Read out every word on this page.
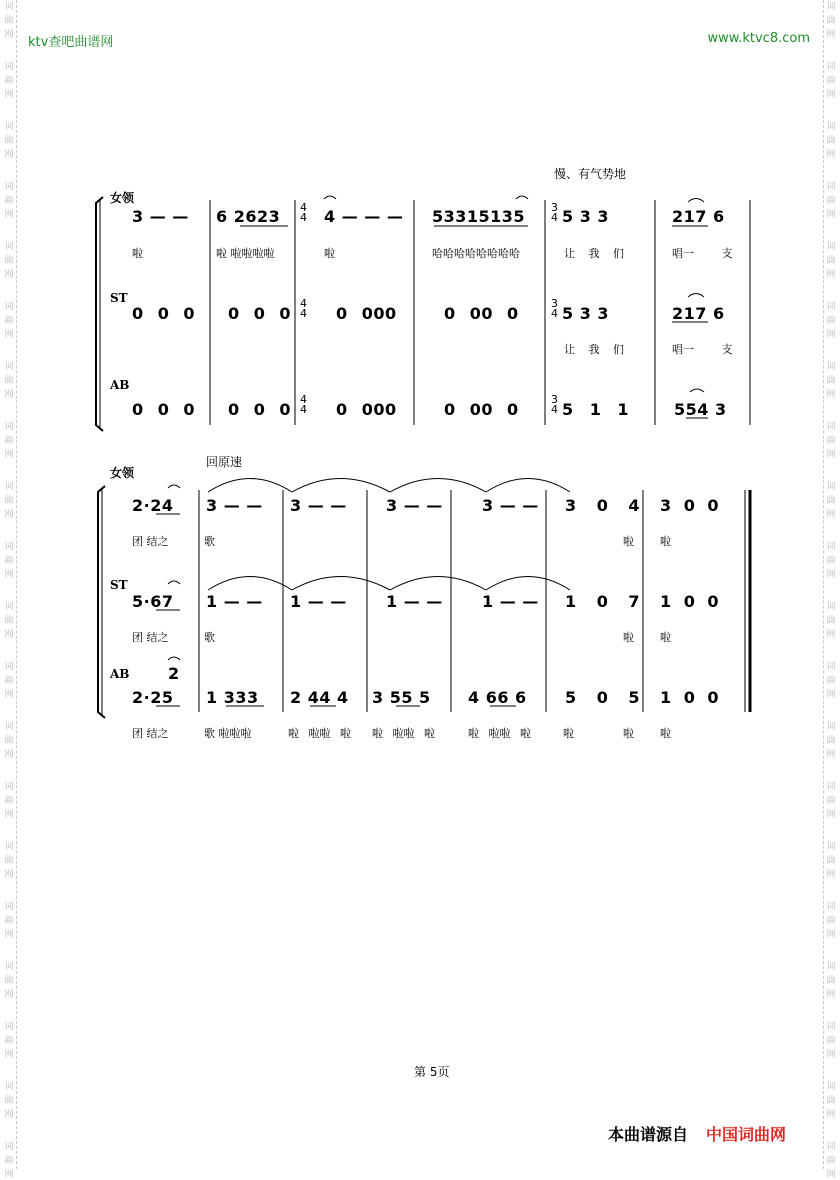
词
曲
网
词
曲
网
词
曲
网
词
曲
网
词
曲
网
词
曲
网
词
曲
网
词
曲
网
词
曲
网
词
曲
网
词
曲
网
词
曲
网
词
曲
网
词
曲
网
词
曲
网
词
曲
网
词
曲
网
词
曲
网
词
曲
网
词
曲
网
词
曲
网
词
曲
网
词
曲
网
词
曲
网
词
曲
网
词
曲
网
词
曲
网
词
曲
网
词
曲
网
词
曲
网
词
曲
网
词
曲
网
词
曲
网
词
曲
网
词
曲
网
词
曲
网
词
曲
网
词
曲
网
词
曲
网
词
曲
网
ktv查吧曲谱网	www.ktvc8.com
慢、有气势地
女领
3 — — 6 2623 4
4 4 — — — 53315135 3
4 5 3 3	217 6
啦	啦 啦啦啦啦	啦	哈哈哈哈哈哈哈哈	让 我 们	唱一 支
ST
0 0 0 0 0 0
4
4 0 000	0 00 0
3
4 5 3 3	217 6
让 我 们	唱一 支
AB
0 0 0 0 0 0
4
4 0 000	0 00 0
3
4 5 1 1	554 3
回原速
女领
2·24 3 — — 3 — — 3 — — 3 — — 3 0 4 3 0 0
团 结之	歌	啦 啦
ST
5·67 1 — — 1 — — 1 — — 1 — — 1 0 7 1 0 0
团 结之	歌	啦 啦
AB 2
2·25 1 333 2 44 4 3 55 5 4 66 6 5 0 5 1 0 0
团 结之	歌 啦啦啦	啦 啦啦 啦 啦 啦啦 啦	啦 啦啦 啦	啦	啦 啦
第 5页
本曲谱源自 中国词曲网
